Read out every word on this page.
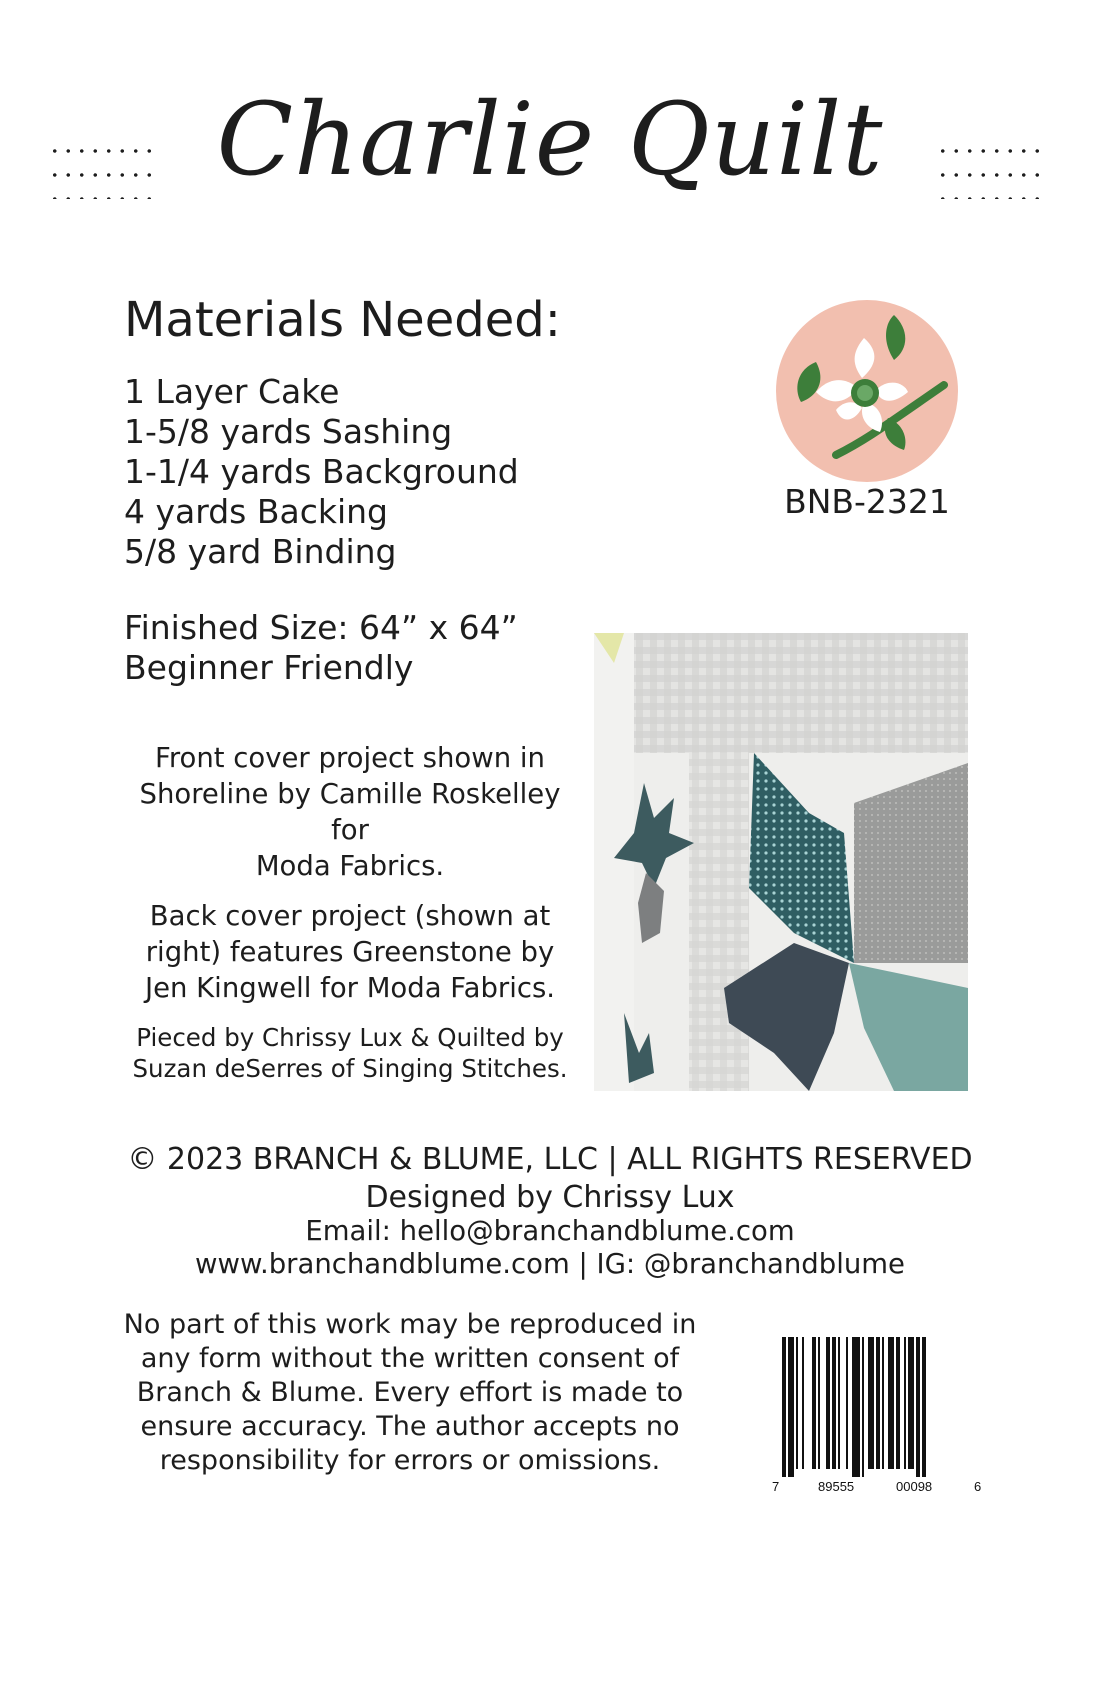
Charlie Quilt
Materials Needed:
1 Layer Cake
1-5/8 yards Sashing
1-1/4 yards Background
4 yards Backing
5/8 yard Binding
Finished Size: 64” x 64”
Beginner Friendly
Front cover project shown in
Shoreline by Camille Roskelley for
Moda Fabrics.
Back cover project (shown at
right) features Greenstone by
Jen Kingwell for Moda Fabrics.
Pieced by Chrissy Lux & Quilted by
Suzan deSerres of Singing Stitches.
BNB-2321
© 2023 BRANCH & BLUME, LLC | ALL RIGHTS RESERVED
Designed by Chrissy Lux
Email: hello@branchandblume.com
www.branchandblume.com | IG: @branchandblume
No part of this work may be reproduced in
any form without the written consent of
Branch & Blume. Every effort is made to
ensure accuracy. The author accepts no
responsibility for errors or omissions.
7	89555	00098	6
